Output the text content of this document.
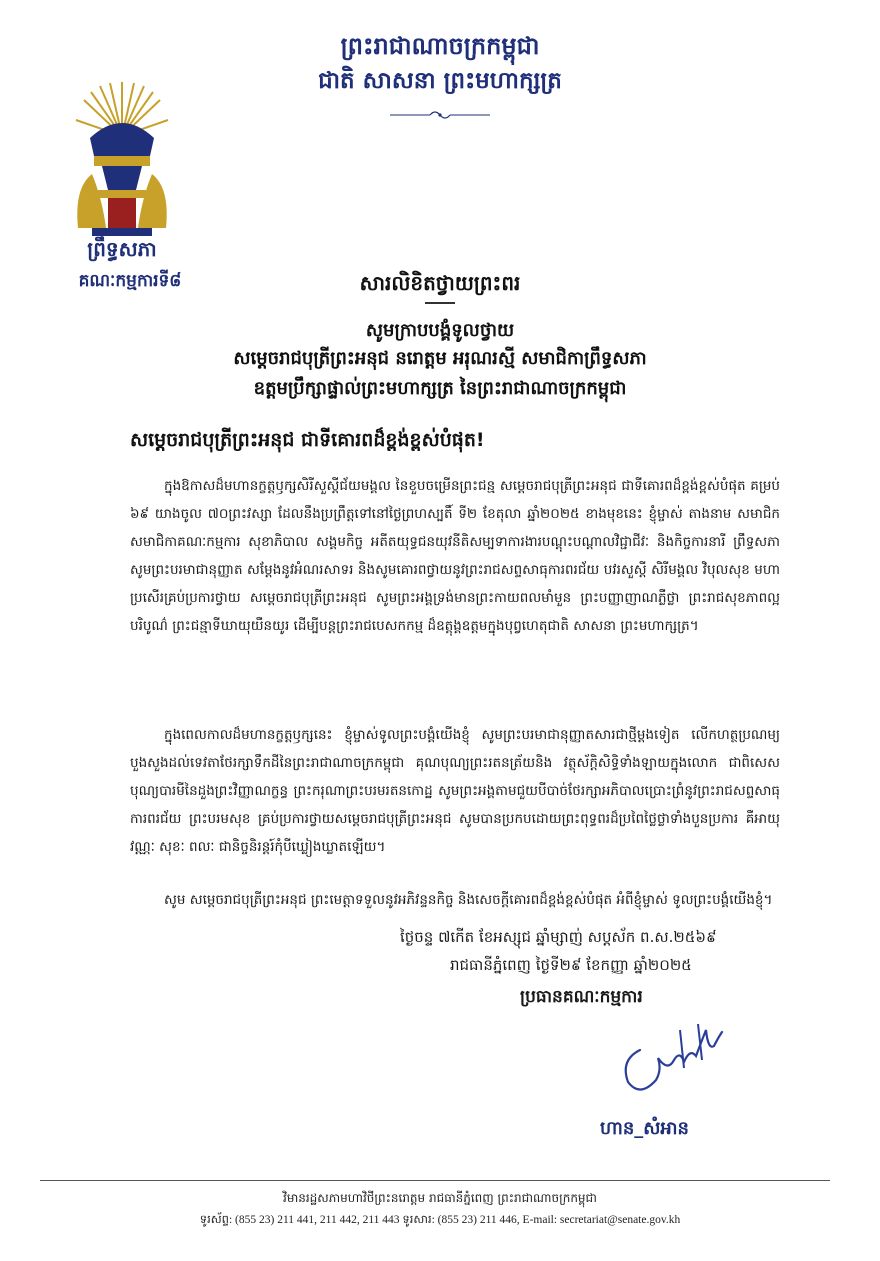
ព្រះរាជាណាចក្រកម្ពុជា
ជាតិ សាសនា ព្រះមហាក្សត្រ
ព្រឹទ្ធសភា
គណៈកម្មការទី៨	សារលិខិតថ្វាយព្រះពរ
សូមក្រាបបង្គំទូលថ្វាយ
សម្តេចរាជបុត្រីព្រះអនុជ នរោត្តម អរុណរស្មី សមាជិកាព្រឹទ្ធសភា
ឧត្តមប្រឹក្សាផ្ទាល់ព្រះមហាក្សត្រ នៃព្រះរាជាណាចក្រកម្ពុជា
សម្តេចរាជបុត្រីព្រះអនុជ ជាទីគោរពដ៏ខ្ពង់ខ្ពស់បំផុត!

ក្នុងឱកាសដ៏មហានក្ខត្តឫក្សសិរីសួស្តីជ័យមង្គល នៃខួបចម្រើនព្រះជន្ម សម្តេចរាជបុត្រីព្រះអនុជ ជាទីគោរពដ៏ខ្ពង់ខ្ពស់បំផុត គម្រប់ ៦៩ យាងចូល ៧០ព្រះវស្សា ដែលនឹងប្រព្រឹត្តទៅនៅថ្ងៃព្រហស្បតិ៍ ទី២ ខែតុលា ឆ្នាំ២០២៥ ខាងមុខនេះ ខ្ញុំម្ចាស់ តាងនាម សមាជិក សមាជិកាគណៈកម្មការ សុខាភិបាល សង្គមកិច្ច អតីតយុទ្ធជនយុវនីតិសម្បទាការងារបណ្តុះបណ្តាលវិជ្ជាជីវៈ និងកិច្ចការនារី ព្រឹទ្ធសភាសូមព្រះបរមាជានុញ្ញាត សម្តែងនូវអំណរសាទរ និងសូមគោរពថ្វាយនូវព្រះរាជសព្ទសាធុការពរជ័យ បវរសួស្តី សិរីមង្គល វិបុលសុខ មហាប្រសើរគ្រប់ប្រការថ្វាយ សម្តេចរាជបុត្រីព្រះអនុជ សូមព្រះអង្គទ្រង់មានព្រះកាយពលមាំមួន ព្រះបញ្ញាញាណភ្លឺថ្លា ព្រះរាជសុខភាពល្អបរិបូណ៌ ព្រះជន្មាទីឃាយុយឺនយូរ ដើម្បីបន្តព្រះរាជបេសកកម្ម ដ៏ឧត្តុង្គឧត្តមក្នុងបុព្វហេតុជាតិ សាសនា ព្រះមហាក្សត្រ។

ក្នុងពេលកាលដ៏មហានក្ខត្តឫក្សនេះ ខ្ញុំម្ចាស់ទូលព្រះបង្គំយើងខ្ញុំ សូមព្រះបរមាជានុញ្ញាតសារជាថ្មីម្តងទៀត លើកហត្ថប្រណម្យបួងសួងដល់ទេវតាថែរក្សាទឹកដីនៃព្រះរាជាណាចក្រកម្ពុជា គុណបុណ្យព្រះរតនត្រ័យនិង វត្ថុស័ក្តិសិទ្ធិទាំងឡាយក្នុងលោក ជាពិសេសបុណ្យបារមីនៃដួងព្រះវិញ្ញាណក្ខន្ធ ព្រះករុណាព្រះបរមរតនកោដ្ឋ សូមព្រះអង្គតាមជួយបីបាច់ថែរក្សាអភិបាលប្រោះព្រំនូវព្រះរាជសព្ទសាធុការពរជ័យ ព្រះបរមសុខ គ្រប់ប្រការថ្វាយសម្តេចរាជបុត្រីព្រះអនុជ សូមបានប្រកបដោយព្រះពុទ្ធពរដ៏ប្រពៃថ្លៃថ្លាទាំងបួនប្រការ គឺអាយុ វណ្ណៈ សុខៈ ពលៈ ជានិច្ចនិរន្តរ៍កុំបីឃ្លៀងឃ្លាតឡើយ។

សូម សម្តេចរាជបុត្រីព្រះអនុជ ព្រះមេត្តាទទួលនូវអភិវន្ទនកិច្ច និងសេចក្តីគោរពដ៏ខ្ពង់ខ្ពស់បំផុត អំពីខ្ញុំម្ចាស់ ទូលព្រះបង្គំយើងខ្ញុំ។

ថ្ងៃចន្ទ ៧កើត ខែអស្សុជ ឆ្នាំម្សាញ់ សប្តស័ក ព.ស.២៥៦៩
រាជធានីភ្នំពេញ ថ្ងៃទី២៩ ខែកញ្ញា ឆ្នាំ២០២៥
ប្រធានគណៈកម្មការ
ហាន_សំអាន
វិមានរដ្ឋសភាមហាវិថីព្រះនរោត្តម រាជធានីភ្នំពេញ ព្រះរាជាណាចក្រកម្ពុជា
ទូរស័ព្ទ: (855 23) 211 441, 211 442, 211 443 ទូរសារ: (855 23) 211 446, E-mail: secretariat@senate.gov.kh
